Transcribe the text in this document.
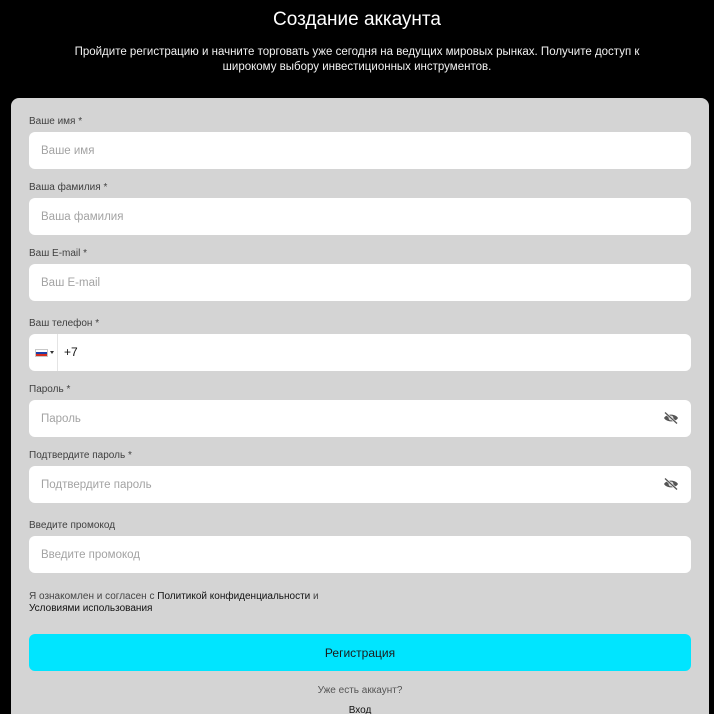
Создание аккаунта

Пройдите регистрацию и начните торговать уже сегодня на ведущих мировых рынках. Получите доступ к широкому выбору инвестиционных инструментов.

Ваше имя *
Ваше имя
Ваша фамилия *
Ваша фамилия
Ваш E-mail *
Ваш E-mail
Ваш телефон *
+7
Пароль *
Подтвердите пароль *
Введите промокод
Введите промокод
Я ознакомлен и согласен с Политикой конфиденциальности и Условиями использования
Регистрация
Уже есть аккаунт?
Вход
